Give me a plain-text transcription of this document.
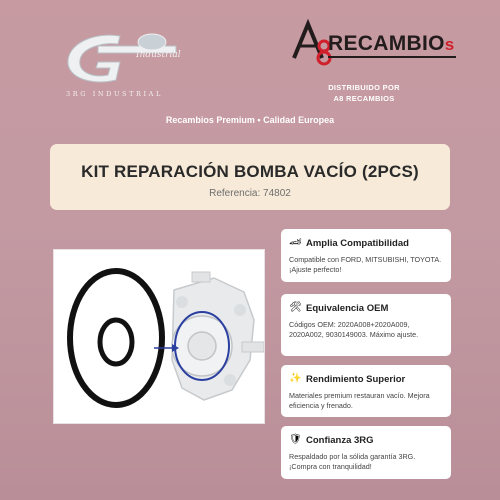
Industrial
3RG INDUSTRIAL
RECAMBIOs
DISTRIBUIDO POR
A8 RECAMBIOS
Recambios Premium • Calidad Europea
KIT REPARACIÓN BOMBA VACÍO (2PCS)
Referencia: 74802
🏎 Ampli​a Compatibilidad
Compatible con FORD, MITSUBISHI, TOYOTA. ¡Ajuste perfecto!
🛠 Equivalencia OEM
Códigos OEM: 2020A008+2020A009, 2020A002, 9030149003. Máximo ajuste.
✨ Rendimiento Superior
Materiales premium restauran vacío. Mejora eficiencia y frenado.
🛡 Confianza 3RG
Respaldado por la sólida garantía 3RG. ¡Compra con tranquilidad!
